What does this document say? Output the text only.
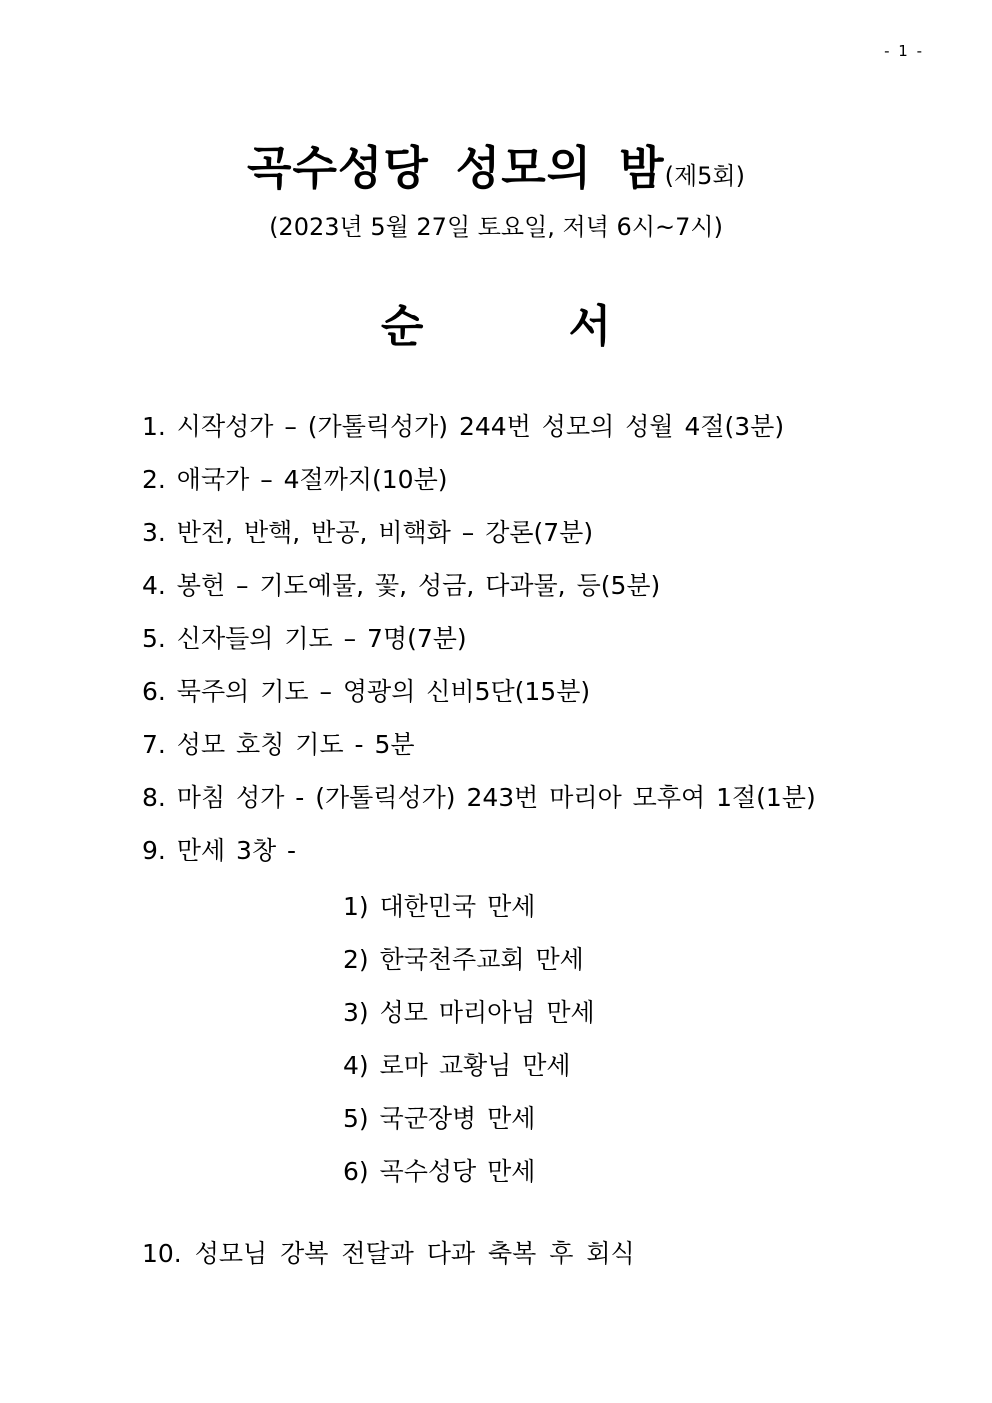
- 1 -
곡수성당 성모의 밤(제5회)
(2023년 5월 27일 토요일, 저녁 6시~7시)
순 서
1. 시작성가 – (가톨릭성가) 244번 성모의 성월 4절(3분)
2. 애국가 – 4절까지(10분)
3. 반전, 반핵, 반공, 비핵화 – 강론(7분)
4. 봉헌 – 기도예물, 꽃, 성금, 다과물, 등(5분)
5. 신자들의 기도 – 7명(7분)
6. 묵주의 기도 – 영광의 신비5단(15분)
7. 성모 호칭 기도 - 5분
8. 마침 성가 - (가톨릭성가) 243번 마리아 모후여 1절(1분)
9. 만세 3창 -
1) 대한민국 만세
2) 한국천주교회 만세
3) 성모 마리아님 만세
4) 로마 교황님 만세
5) 국군장병 만세
6) 곡수성당 만세
10. 성모님 강복 전달과 다과 축복 후 회식
